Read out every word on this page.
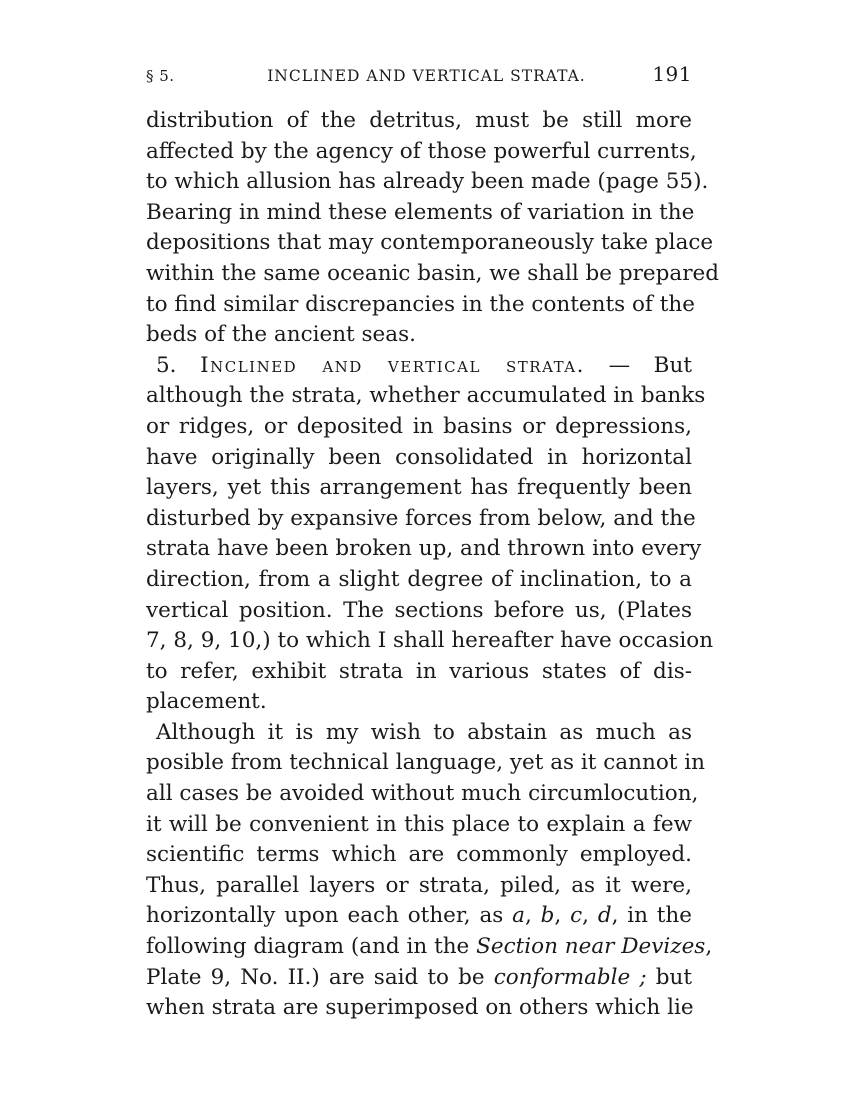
§ 5.	INCLINED AND VERTICAL STRATA.	191

distribution of the detritus, must be still more
affected by the agency of those powerful currents,
to which allusion has already been made (page 55).
Bearing in mind these elements of variation in the
depositions that may contemporaneously take place
within the same oceanic basin, we shall be prepared
to find similar discrepancies in the contents of the
beds of the ancient seas.

5. Inclined and vertical strata. — But
although the strata, whether accumulated in banks
or ridges, or deposited in basins or depressions,
have originally been consolidated in horizontal
layers, yet this arrangement has frequently been
disturbed by expansive forces from below, and the
strata have been broken up, and thrown into every
direction, from a slight degree of inclination, to a
vertical position. The sections before us, (Plates
7, 8, 9, 10,) to which I shall hereafter have occasion
to refer, exhibit strata in various states of dis-
placement.

Although it is my wish to abstain as much as
posible from technical language, yet as it cannot in
all cases be avoided without much circumlocution,
it will be convenient in this place to explain a few
scientific terms which are commonly employed.
Thus, parallel layers or strata, piled, as it were,
horizontally upon each other, as a, b, c, d, in the
following diagram (and in the Section near Devizes,
Plate 9, No. II.) are said to be conformable ; but
when strata are superimposed on others which lie
